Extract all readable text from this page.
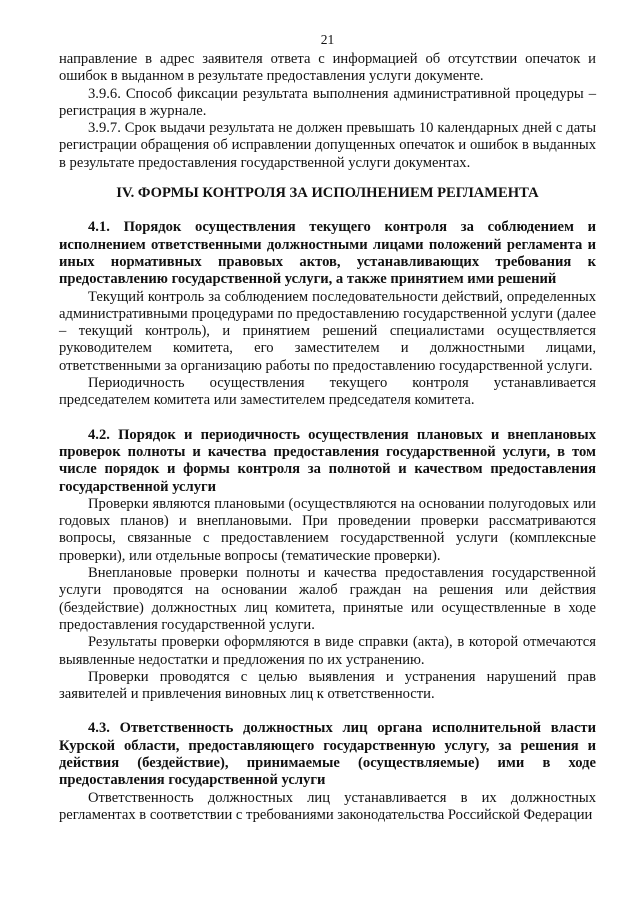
21

направление в адрес заявителя ответа с информацией об отсутствии опечаток и ошибок в выданном в результате предоставления услуги документе.

3.9.6. Способ фиксации результата выполнения административной процедуры – регистрация в журнале.

3.9.7. Срок выдачи результата не должен превышать 10 календарных дней с даты регистрации обращения об исправлении допущенных опечаток и ошибок в выданных в результате предоставления государственной услуги документах.

IV. ФОРМЫ КОНТРОЛЯ ЗА ИСПОЛНЕНИЕМ РЕГЛАМЕНТА
4.1. Порядок осуществления текущего контроля за соблюдением и исполнением ответственными должностными лицами положений регламента и иных нормативных правовых актов, устанавливающих требования к предоставлению государственной услуги, а также принятием ими решений

Текущий контроль за соблюдением последовательности действий, определенных административными процедурами по предоставлению государственной услуги (далее – текущий контроль), и принятием решений специалистами осуществляется руководителем комитета, его заместителем и должностными лицами, ответственными за организацию работы по предоставлению государственной услуги.

Периодичность осуществления текущего контроля устанавливается председателем комитета или заместителем председателя комитета.

4.2. Порядок и периодичность осуществления плановых и внеплановых проверок полноты и качества предоставления государственной услуги, в том числе порядок и формы контроля за полнотой и качеством предоставления государственной услуги

Проверки являются плановыми (осуществляются на основании полугодовых или годовых планов) и внеплановыми. При проведении проверки рассматриваются вопросы, связанные с предоставлением государственной услуги (комплексные проверки), или отдельные вопросы (тематические проверки).

Внеплановые проверки полноты и качества предоставления государственной услуги проводятся на основании жалоб граждан на решения или действия (бездействие) должностных лиц комитета, принятые или осуществленные в ходе предоставления государственной услуги.

Результаты проверки оформляются в виде справки (акта), в которой отмечаются выявленные недостатки и предложения по их устранению.

Проверки проводятся с целью выявления и устранения нарушений прав заявителей и привлечения виновных лиц к ответственности.

4.3. Ответственность должностных лиц органа исполнительной власти Курской области, предоставляющего государственную услугу, за решения и действия (бездействие), принимаемые (осуществляемые) ими в ходе предоставления государственной услуги

Ответственность должностных лиц устанавливается в их должностных регламентах в соответствии с требованиями законодательства Российской Федерации
